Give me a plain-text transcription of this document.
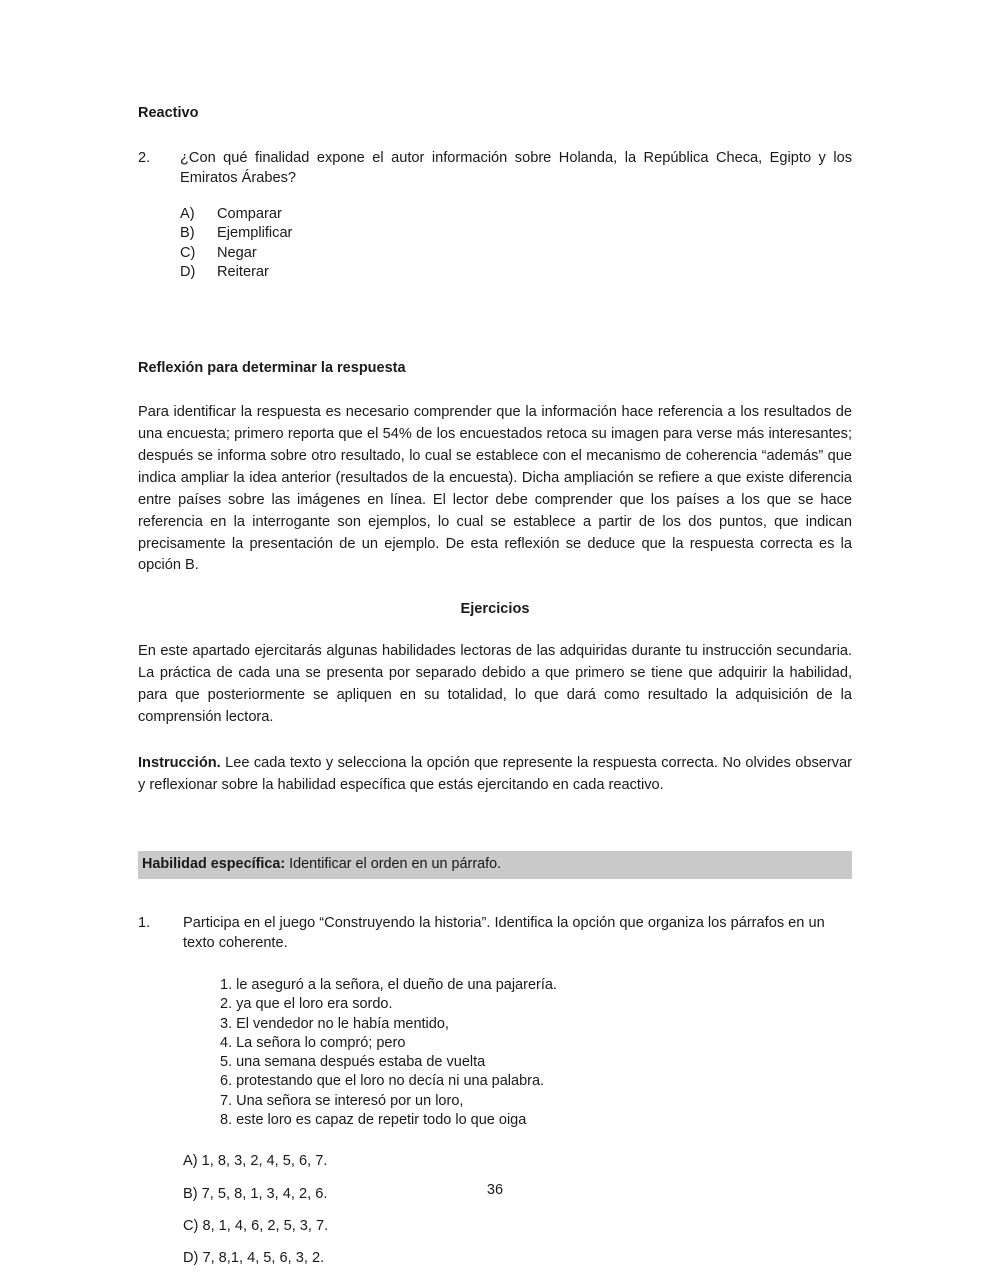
Reactivo
2.	¿Con qué finalidad expone el autor información sobre Holanda, la República Checa, Egipto y los Emiratos Árabes?
A)	Comparar
B)	Ejemplificar
C)	Negar
D)	Reiterar
Reflexión para determinar la respuesta
Para identificar la respuesta es necesario comprender que la información hace referencia a los resultados de una encuesta; primero reporta que el 54% de los encuestados retoca su imagen para verse más interesantes; después se informa sobre otro resultado, lo cual se establece con el mecanismo de coherencia “además” que indica ampliar la idea anterior (resultados de la encuesta). Dicha ampliación se refiere a que existe diferencia entre países sobre las imágenes en línea. El lector debe comprender que los países a los que se hace referencia en la interrogante son ejemplos, lo cual se establece a partir de los dos puntos, que indican precisamente la presentación de un ejemplo. De esta reflexión se deduce que la respuesta correcta es la opción B.
Ejercicios
En este apartado ejercitarás algunas habilidades lectoras de las adquiridas durante tu instrucción secundaria. La práctica de cada una se presenta por separado debido a que primero se tiene que adquirir la habilidad, para que posteriormente se apliquen en su totalidad, lo que dará como resultado la adquisición de la comprensión lectora.
Instrucción. Lee cada texto y selecciona la opción que represente la respuesta correcta. No olvides observar y reflexionar sobre la habilidad específica que estás ejercitando en cada reactivo.
Habilidad específica: Identificar el orden en un párrafo.
1.	Participa en el juego “Construyendo la historia”. Identifica la opción que organiza los párrafos en un texto coherente.
1. le aseguró a la señora, el dueño de una pajarería.
2. ya que el loro era sordo.
3. El vendedor no le había mentido,
4. La señora lo compró; pero
5. una semana después estaba de vuelta
6. protestando que el loro no decía ni una palabra.
7. Una señora se interesó por un loro,
8. este loro es capaz de repetir todo lo que oiga
A) 1, 8, 3, 2, 4, 5, 6, 7.
B) 7, 5, 8, 1, 3, 4, 2, 6.
C) 8, 1, 4, 6, 2, 5, 3, 7.
D) 7, 8,1, 4, 5, 6, 3, 2.
36
